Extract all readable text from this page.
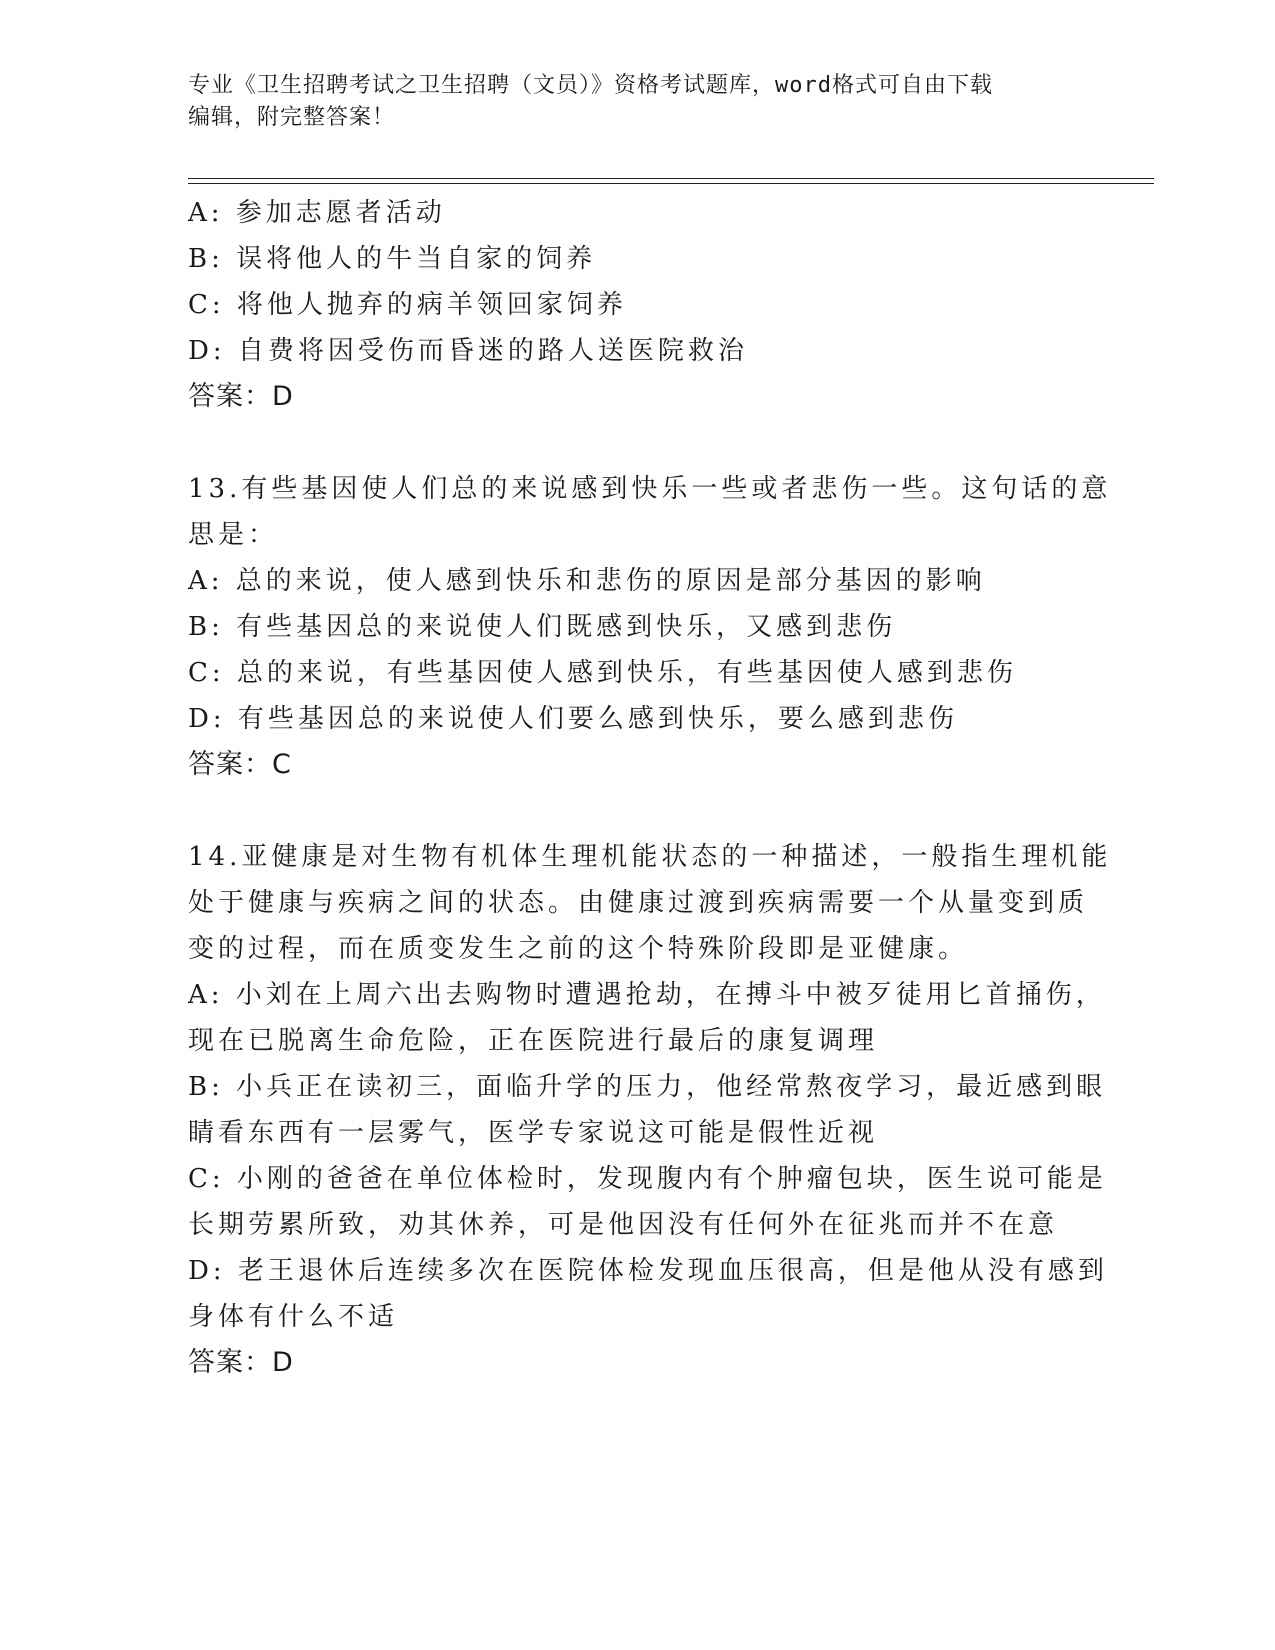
专业《卫生招聘考试之卫生招聘（文员）》资格考试题库，word格式可自由下载
编辑，附完整答案！
A: 参加志愿者活动
B: 误将他人的牛当自家的饲养
C: 将他人抛弃的病羊领回家饲养
D: 自费将因受伤而昏迷的路人送医院救治
答案：D
13.有些基因使人们总的来说感到快乐一些或者悲伤一些。这句话的意
思是：
A: 总的来说，使人感到快乐和悲伤的原因是部分基因的影响
B: 有些基因总的来说使人们既感到快乐，又感到悲伤
C: 总的来说，有些基因使人感到快乐，有些基因使人感到悲伤
D: 有些基因总的来说使人们要么感到快乐，要么感到悲伤
答案：C
14.亚健康是对生物有机体生理机能状态的一种描述，一般指生理机能
处于健康与疾病之间的状态。由健康过渡到疾病需要一个从量变到质
变的过程，而在质变发生之前的这个特殊阶段即是亚健康。
A: 小刘在上周六出去购物时遭遇抢劫，在搏斗中被歹徒用匕首捅伤，
现在已脱离生命危险，正在医院进行最后的康复调理
B: 小兵正在读初三，面临升学的压力，他经常熬夜学习，最近感到眼
睛看东西有一层雾气，医学专家说这可能是假性近视
C: 小刚的爸爸在单位体检时，发现腹内有个肿瘤包块，医生说可能是
长期劳累所致，劝其休养，可是他因没有任何外在征兆而并不在意
D: 老王退休后连续多次在医院体检发现血压很高，但是他从没有感到
身体有什么不适
答案：D
